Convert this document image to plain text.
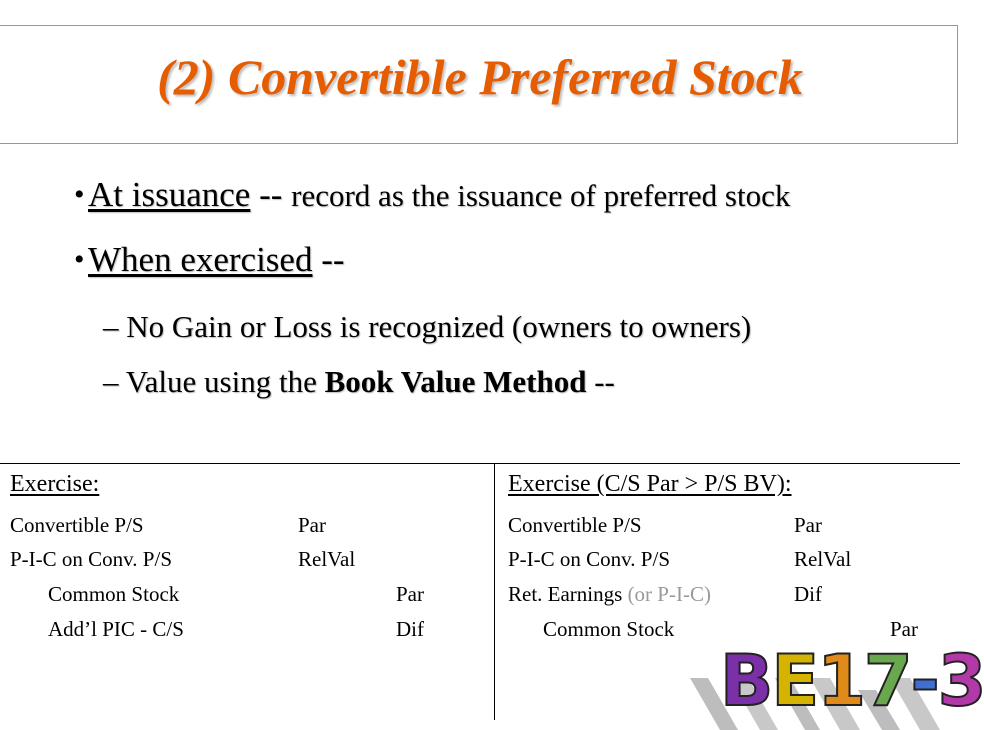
(2) Convertible Preferred Stock
• At issuance -- record as the issuance of preferred stock
• When exercised --
– No Gain or Loss is recognized (owners to owners)
– Value using the Book Value Method --
Exercise:
Convertible P/S	Par
P-I-C on Conv. P/S	RelVal
Common Stock	Par
Add’l PIC - C/S	Dif
Exercise (C/S Par > P/S BV):
Convertible P/S	Par
P-I-C on Conv. P/S	RelVal
Ret. Earnings (or P-I-C)	Dif
Common Stock	Par
BE17-3
